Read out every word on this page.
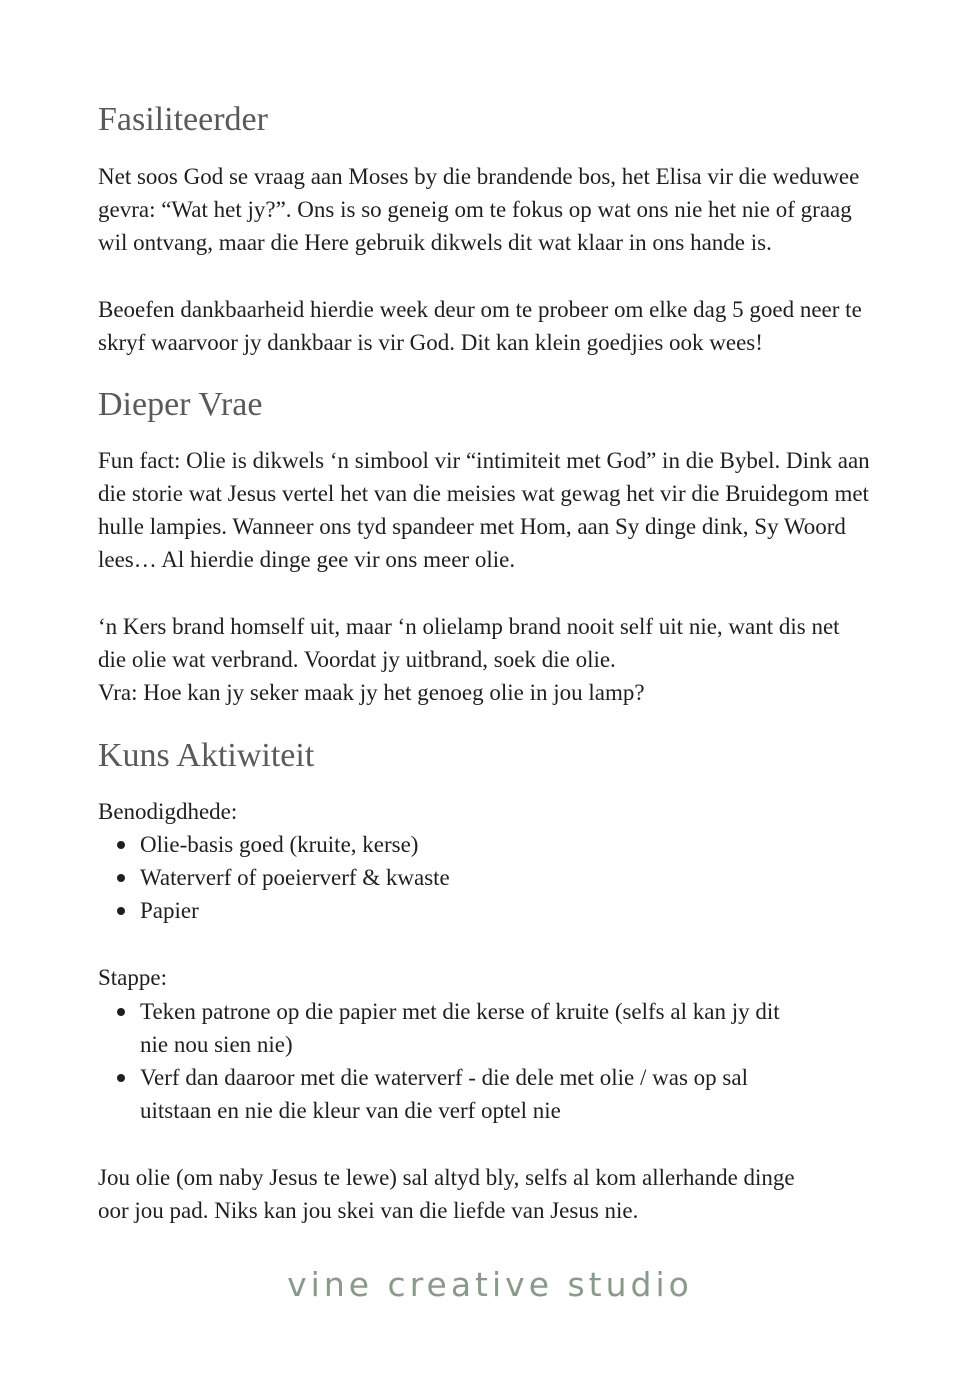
Fasiliteerder
Net soos God se vraag aan Moses by die brandende bos, het Elisa vir die weduwee
gevra: “Wat het jy?”. Ons is so geneig om te fokus op wat ons nie het nie of graag
wil ontvang, maar die Here gebruik dikwels dit wat klaar in ons hande is.
Beoefen dankbaarheid hierdie week deur om te probeer om elke dag 5 goed neer te
skryf waarvoor jy dankbaar is vir God. Dit kan klein goedjies ook wees!
Dieper Vrae
Fun fact: Olie is dikwels ‘n simbool vir “intimiteit met God” in die Bybel. Dink aan
die storie wat Jesus vertel het van die meisies wat gewag het vir die Bruidegom met
hulle lampies. Wanneer ons tyd spandeer met Hom, aan Sy dinge dink, Sy Woord
lees… Al hierdie dinge gee vir ons meer olie.
‘n Kers brand homself uit, maar ‘n olielamp brand nooit self uit nie, want dis net
die olie wat verbrand. Voordat jy uitbrand, soek die olie.
Vra: Hoe kan jy seker maak jy het genoeg olie in jou lamp?
Kuns Aktiwiteit
Benodigdhede:
Olie-basis goed (kruite, kerse)
Waterverf of poeierverf & kwaste
Papier
Stappe:
Teken patrone op die papier met die kerse of kruite (selfs al kan jy dit
nie nou sien nie)
Verf dan daaroor met die waterverf - die dele met olie / was op sal
uitstaan en nie die kleur van die verf optel nie
Jou olie (om naby Jesus te lewe) sal altyd bly, selfs al kom allerhande dinge
oor jou pad. Niks kan jou skei van die liefde van Jesus nie.
vine creative studio
